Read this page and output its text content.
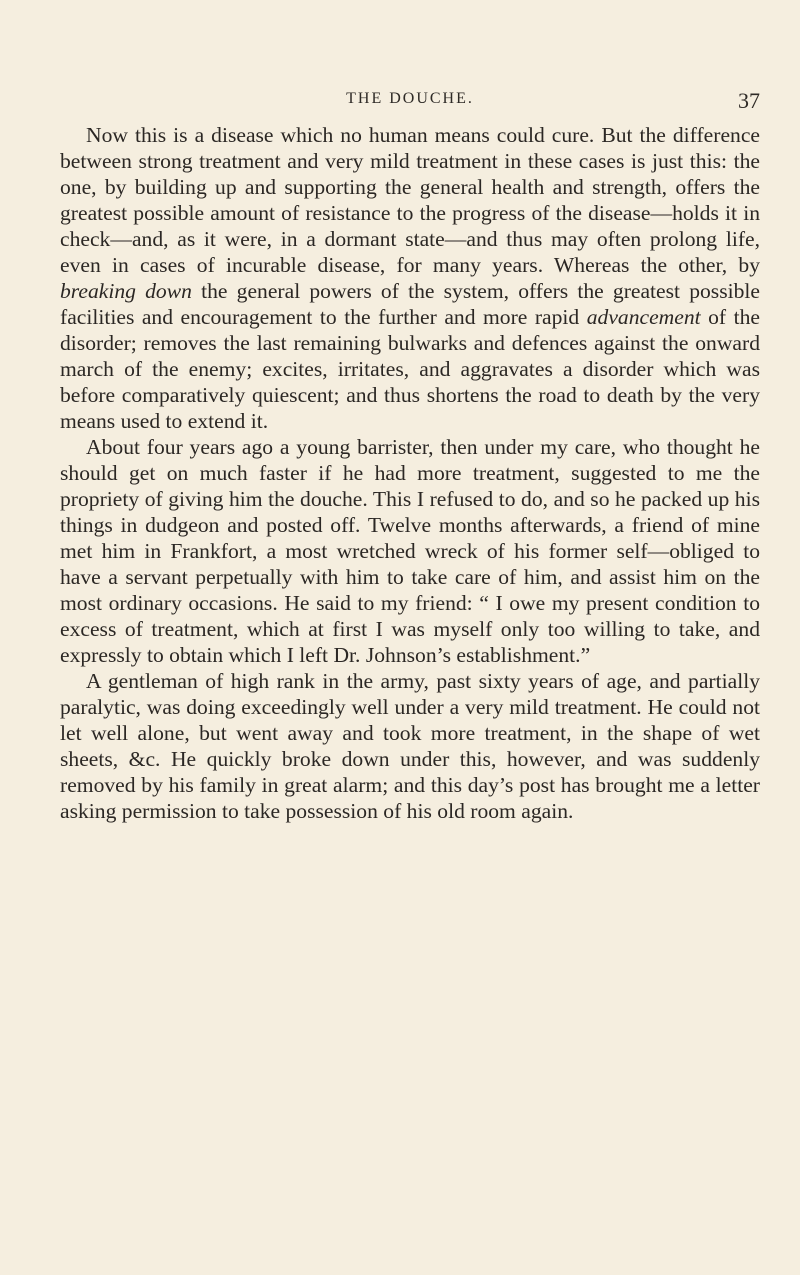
THE DOUCHE.	37

Now this is a disease which no human means could cure. But the difference between strong treatment and very mild treatment in these cases is just this: the one, by building up and supporting the general health and strength, offers the greatest possible amount of resistance to the progress of the disease—holds it in check—and, as it were, in a dormant state—and thus may often prolong life, even in cases of incurable disease, for many years. Whereas the other, by breaking down the general powers of the system, offers the greatest possible facilities and encouragement to the further and more rapid advancement of the disorder; removes the last remaining bulwarks and defences against the onward march of the enemy; excites, irritates, and aggravates a disorder which was before comparatively quiescent; and thus shortens the road to death by the very means used to extend it.

About four years ago a young barrister, then under my care, who thought he should get on much faster if he had more treatment, suggested to me the propriety of giving him the douche. This I refused to do, and so he packed up his things in dudgeon and posted off. Twelve months afterwards, a friend of mine met him in Frankfort, a most wretched wreck of his former self—obliged to have a servant perpetually with him to take care of him, and assist him on the most ordinary occasions. He said to my friend: “ I owe my present condition to excess of treatment, which at first I was myself only too willing to take, and expressly to obtain which I left Dr. Johnson’s establishment.”

A gentleman of high rank in the army, past sixty years of age, and partially paralytic, was doing exceedingly well under a very mild treatment. He could not let well alone, but went away and took more treatment, in the shape of wet sheets, &c. He quickly broke down under this, however, and was suddenly removed by his family in great alarm; and this day’s post has brought me a letter asking permission to take possession of his old room again.
